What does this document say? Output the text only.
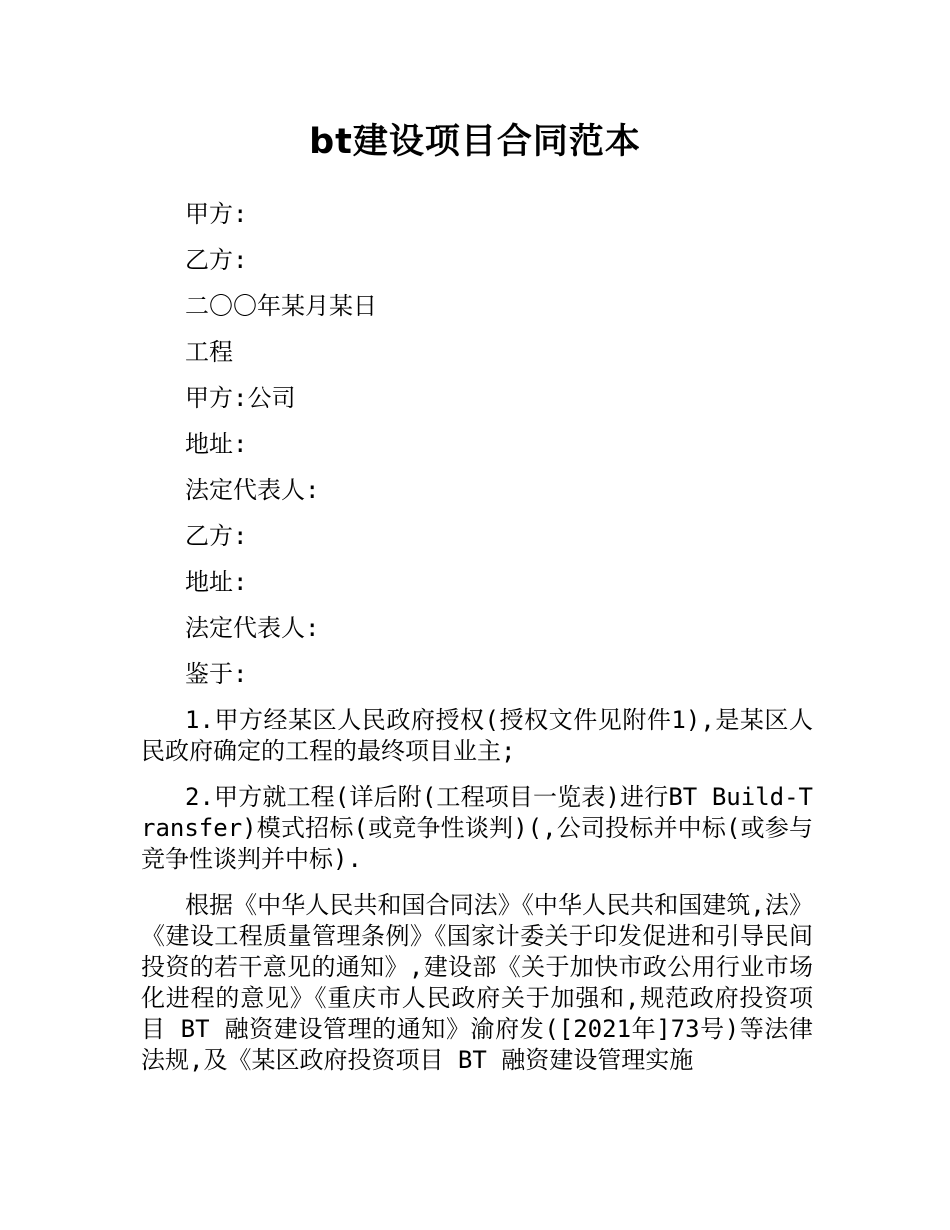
bt建设项目合同范本

甲方:

乙方:

二〇〇年某月某日

工程

甲方:公司

地址:

法定代表人:

乙方:

地址:

法定代表人:

鉴于:

1.甲方经某区人民政府授权(授权文件见附件1),是某区人民政府确定的工程的最终项目业主;

2.甲方就工程(详后附(工程项目一览表)进行BT Build-Transfer)模式招标(或竞争性谈判)(,公司投标并中标(或参与竞争性谈判并中标).

根据《中华人民共和国合同法》《中华人民共和国建筑,法》《建设工程质量管理条例》《国家计委关于印发促进和引导民间投资的若干意见的通知》,建设部《关于加快市政公用行业市场化进程的意见》《重庆市人民政府关于加强和,规范政府投资项目 BT 融资建设管理的通知》渝府发([2021年]73号)等法律法规,及《某区政府投资项目 BT 融资建设管理实施
